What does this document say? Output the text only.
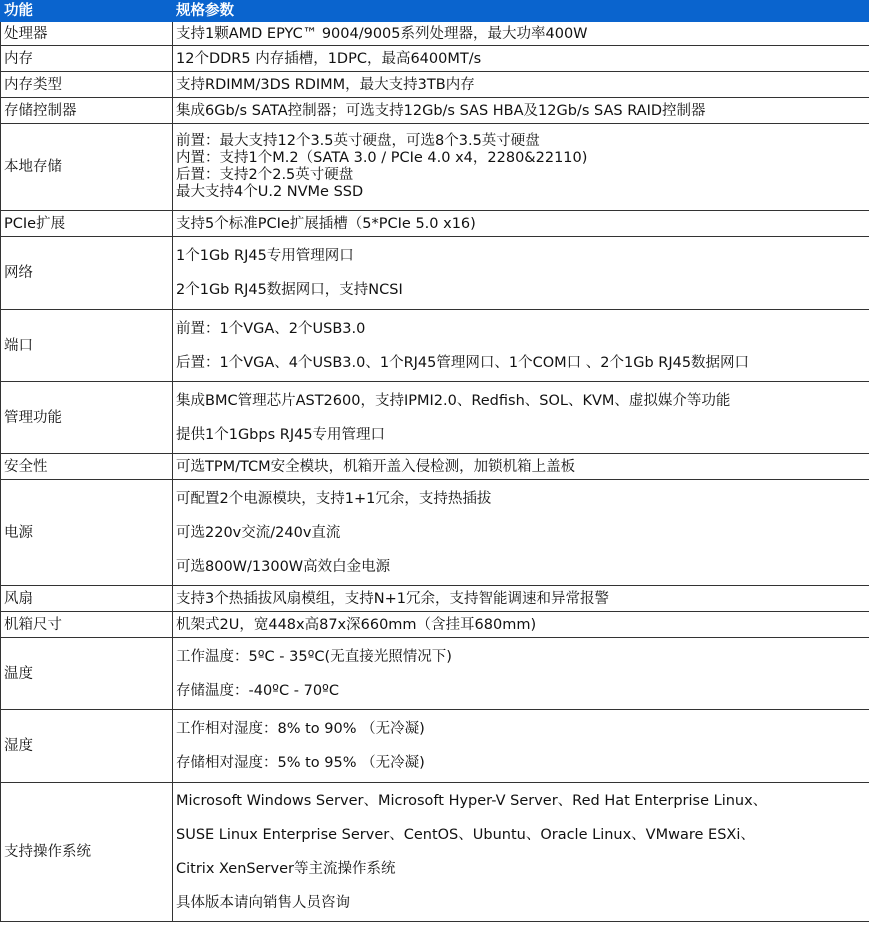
功能	规格参数
处理器	支持1颗AMD EPYC™ 9004/9005系列处理器，最大功率400W

内存	12个DDR5 内存插槽，1DPC，最高6400MT/s

内存类型	支持RDIMM/3DS RDIMM，最大支持3TB内存

存储控制器	集成6Gb/s SATA控制器；可选支持12Gb/s SAS HBA及12Gb/s SAS RAID控制器

本地存储	前置：最大支持12个3.5英寸硬盘，可选8个3.5英寸硬盘
内置：支持1个M.2（SATA 3.0 / PCIe 4.0 x4，2280&22110)
后置：支持2个2.5英寸硬盘
最大支持4个U.2 NVMe SSD

PCIe扩展	支持5个标准PCIe扩展插槽（5*PCIe 5.0 x16)

网络	1个1Gb RJ45专用管理网口
2个1Gb RJ45数据网口，支持NCSI

端口	前置：1个VGA、2个USB3.0
后置：1个VGA、4个USB3.0、1个RJ45管理网口、1个COM口 、2个1Gb RJ45数据网口

管理功能	集成BMC管理芯片AST2600，支持IPMI2.0、Redfish、SOL、KVM、虚拟媒介等功能
提供1个1Gbps RJ45专用管理口

安全性	可选TPM/TCM安全模块，机箱开盖入侵检测，加锁机箱上盖板

电源	可配置2个电源模块，支持1+1冗余，支持热插拔
可选220v交流/240v直流
可选800W/1300W高效白金电源

风扇	支持3个热插拔风扇模组，支持N+1冗余，支持智能调速和异常报警

机箱尺寸	机架式2U，宽448x高87x深660mm（含挂耳680mm)

温度	工作温度：5ºC - 35ºC(无直接光照情况下)
存储温度：-40ºC - 70ºC

湿度	工作相对湿度：8% to 90% （无冷凝)
存储相对湿度：5% to 95% （无冷凝)

支持操作系统	Microsoft Windows Server、Microsoft Hyper-V Server、Red Hat Enterprise Linux、
SUSE Linux Enterprise Server、CentOS、Ubuntu、Oracle Linux、VMware ESXi、
Citrix XenServer等主流操作系统
具体版本请向销售人员咨询
